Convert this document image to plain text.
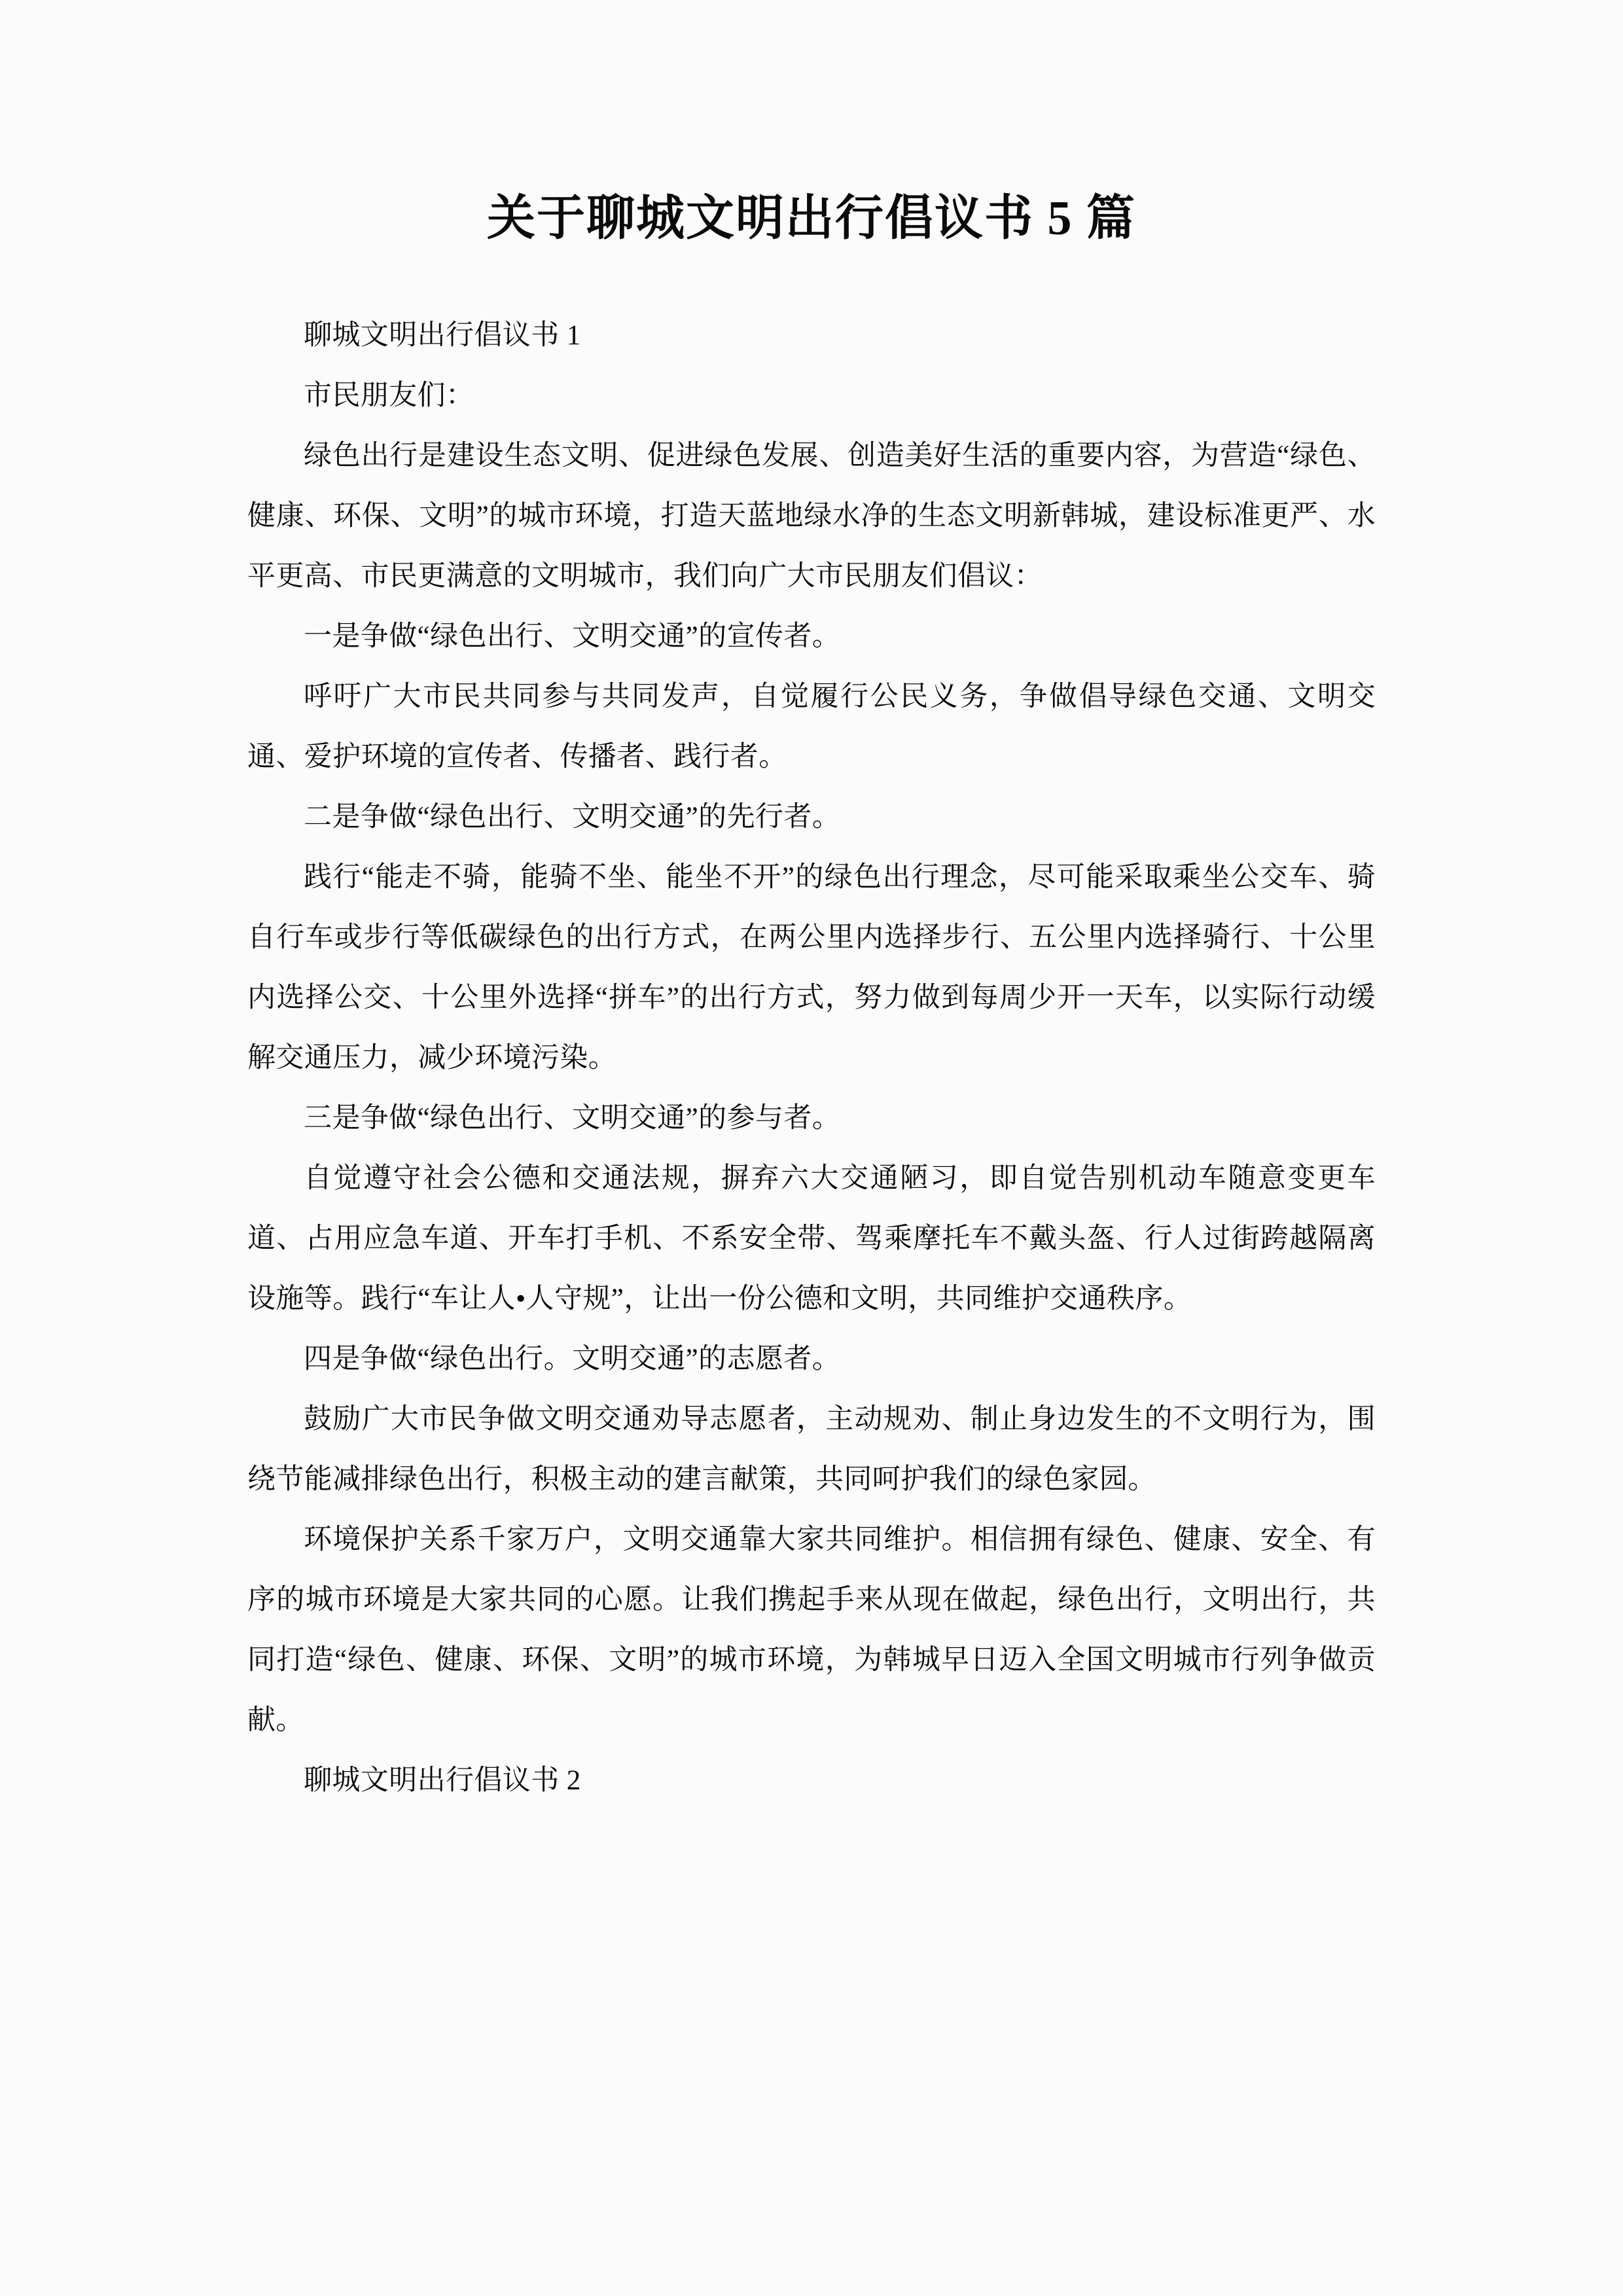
关于聊城文明出行倡议书 5 篇

聊城文明出行倡议书 1

市民朋友们：

绿色出行是建设生态文明、促进绿色发展、创造美好生活的重要内容，为营造“绿色、健康、环保、文明”的城市环境，打造天蓝地绿水净的生态文明新韩城，建设标准更严、水平更高、市民更满意的文明城市，我们向广大市民朋友们倡议：

一是争做“绿色出行、文明交通”的宣传者。

呼吁广大市民共同参与共同发声，自觉履行公民义务，争做倡导绿色交通、文明交通、爱护环境的宣传者、传播者、践行者。

二是争做“绿色出行、文明交通”的先行者。

践行“能走不骑，能骑不坐、能坐不开”的绿色出行理念，尽可能采取乘坐公交车、骑自行车或步行等低碳绿色的出行方式，在两公里内选择步行、五公里内选择骑行、十公里内选择公交、十公里外选择“拼车”的出行方式，努力做到每周少开一天车，以实际行动缓解交通压力，减少环境污染。

三是争做“绿色出行、文明交通”的参与者。

自觉遵守社会公德和交通法规，摒弃六大交通陋习，即自觉告别机动车随意变更车道、占用应急车道、开车打手机、不系安全带、驾乘摩托车不戴头盔、行人过街跨越隔离设施等。践行“车让人•人守规”，让出一份公德和文明，共同维护交通秩序。

四是争做“绿色出行。文明交通”的志愿者。

鼓励广大市民争做文明交通劝导志愿者，主动规劝、制止身边发生的不文明行为，围绕节能减排绿色出行，积极主动的建言献策，共同呵护我们的绿色家园。

环境保护关系千家万户，文明交通靠大家共同维护。相信拥有绿色、健康、安全、有序的城市环境是大家共同的心愿。让我们携起手来从现在做起，绿色出行，文明出行，共同打造“绿色、健康、环保、文明”的城市环境，为韩城早日迈入全国文明城市行列争做贡献。

聊城文明出行倡议书 2
